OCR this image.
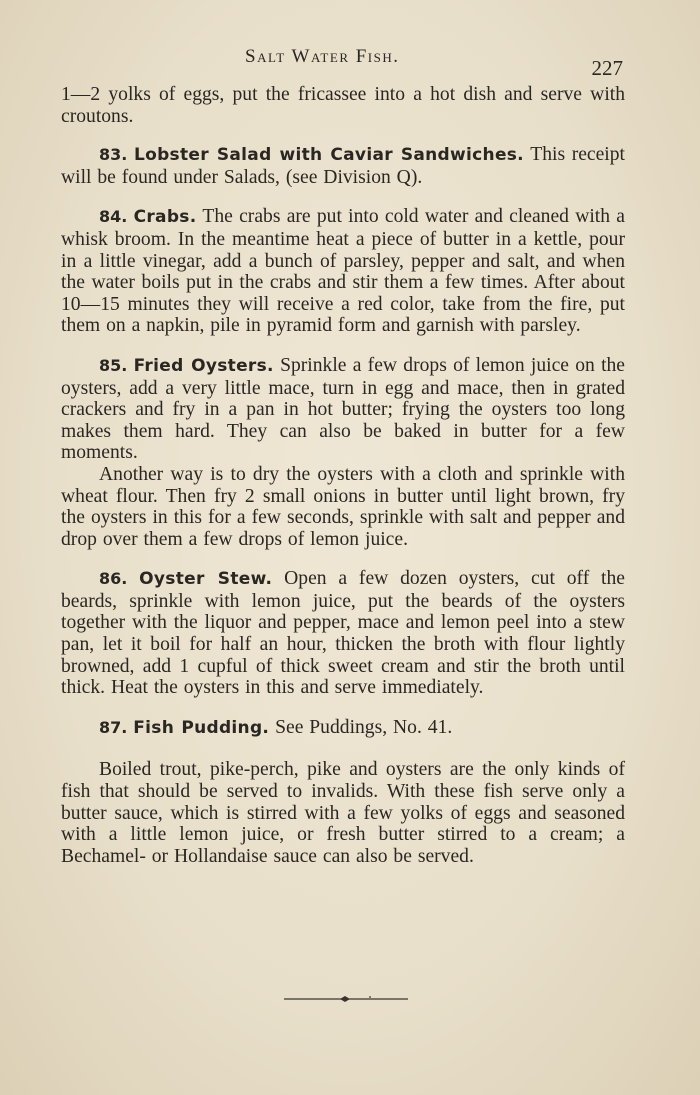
Salt Water Fish.	227

1—2 yolks of eggs, put the fricassee into a hot dish and serve with croutons.

83. Lobster Salad with Caviar Sandwiches. This receipt will be found under Salads, (see Division Q).

84. Crabs. The crabs are put into cold water and cleaned with a whisk broom. In the meantime heat a piece of butter in a kettle, pour in a little vinegar, add a bunch of parsley, pepper and salt, and when the water boils put in the crabs and stir them a few times. After about 10—15 minutes they will receive a red color, take from the fire, put them on a napkin, pile in pyramid form and garnish with parsley.

85. Fried Oysters. Sprinkle a few drops of lemon juice on the oysters, add a very little mace, turn in egg and mace, then in grated crackers and fry in a pan in hot butter; frying the oysters too long makes them hard. They can also be baked in butter for a few moments.

Another way is to dry the oysters with a cloth and sprinkle with wheat flour. Then fry 2 small onions in butter until light brown, fry the oysters in this for a few seconds, sprinkle with salt and pepper and drop over them a few drops of lemon juice.

86. Oyster Stew. Open a few dozen oysters, cut off the beards, sprinkle with lemon juice, put the beards of the oysters together with the liquor and pepper, mace and lemon peel into a stew pan, let it boil for half an hour, thicken the broth with flour lightly browned, add 1 cupful of thick sweet cream and stir the broth until thick. Heat the oysters in this and serve immediately.

87. Fish Pudding. See Puddings, No. 41.

Boiled trout, pike-perch, pike and oysters are the only kinds of fish that should be served to invalids. With these fish serve only a butter sauce, which is stirred with a few yolks of eggs and seasoned with a little lemon juice, or fresh butter stirred to a cream; a Bechamel- or Hollandaise sauce can also be served.
